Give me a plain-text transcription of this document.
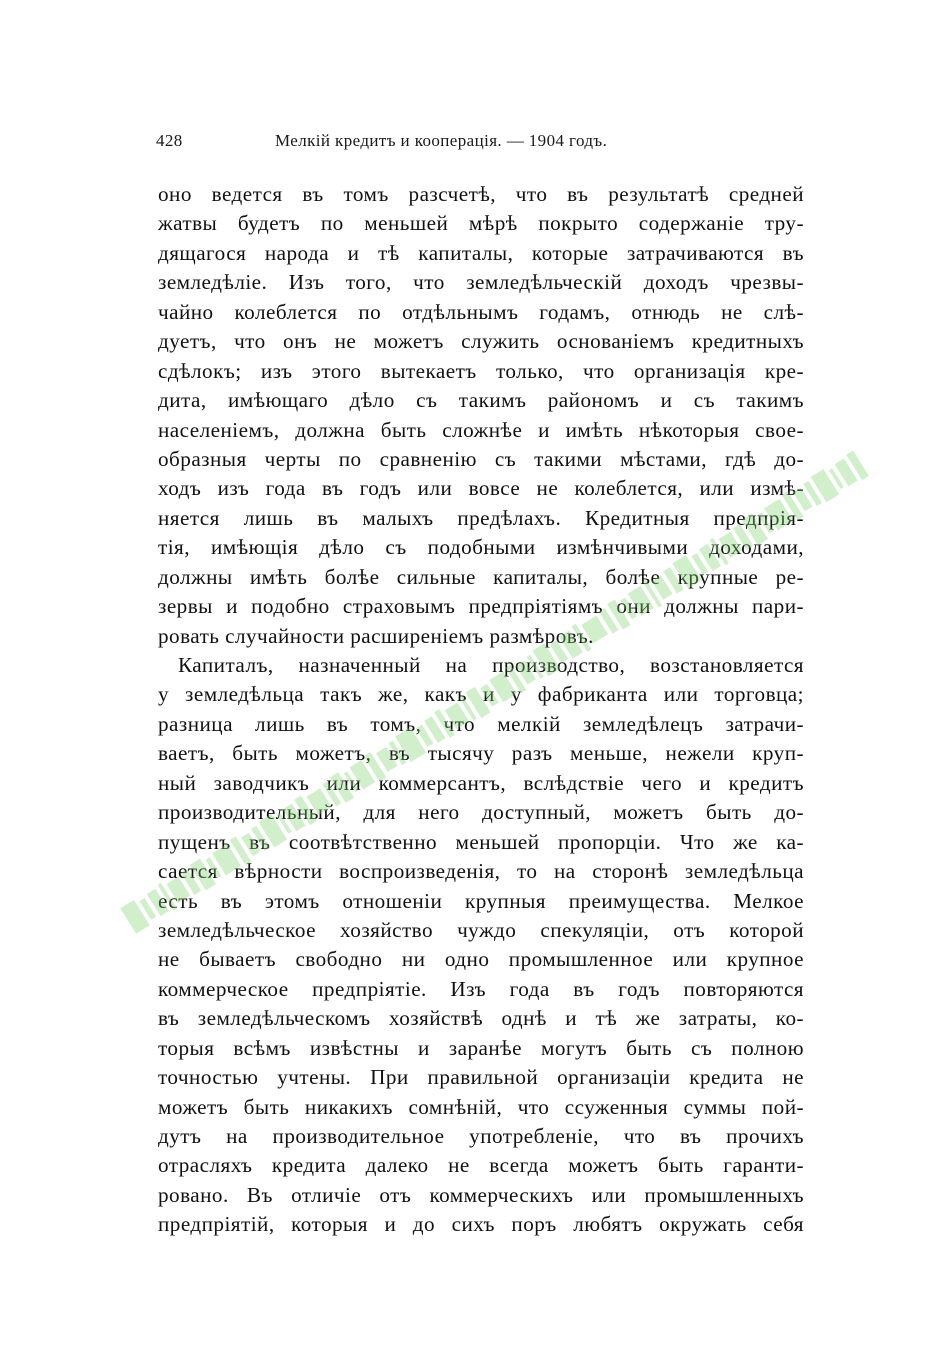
428	Мелкій кредитъ и кооперація. — 1904 годъ.
оно ведется въ томъ разсчетѣ, что въ результатѣ средней
жатвы будетъ по меньшей мѣрѣ покрыто содержаніе тру-
дящагося народа и тѣ капиталы, которые затрачиваются въ
земледѣліе. Изъ того, что земледѣльческій доходъ чрезвы-
чайно колеблется по отдѣльнымъ годамъ, отнюдь не слѣ-
дуетъ, что онъ не можетъ служить основаніемъ кредитныхъ
сдѣлокъ; изъ этого вытекаетъ только, что организація кре-
дита, имѣющаго дѣло съ такимъ райономъ и съ такимъ
населеніемъ, должна быть сложнѣе и имѣть нѣкоторыя свое-
образныя черты по сравненію съ такими мѣстами, гдѣ до-
ходъ изъ года въ годъ или вовсе не колеблется, или измѣ-
няется лишь въ малыхъ предѣлахъ. Кредитныя предпрія-
тія, имѣющія дѣло съ подобными измѣнчивыми доходами,
должны имѣть болѣе сильные капиталы, болѣе крупные ре-
зервы и подобно страховымъ предпріятіямъ они должны пари-
ровать случайности расширеніемъ размѣровъ.
Капиталъ, назначенный на производство, возстановляется
у земледѣльца такъ же, какъ и у фабриканта или торговца;
разница лишь въ томъ, что мелкій земледѣлецъ затрачи-
ваетъ, быть можетъ, въ тысячу разъ меньше, нежели круп-
ный заводчикъ или коммерсантъ, вслѣдствіе чего и кредитъ
производительный, для него доступный, можетъ быть до-
пущенъ въ соотвѣтственно меньшей пропорціи. Что же ка-
сается вѣрности воспроизведенія, то на сторонѣ земледѣльца
есть въ этомъ отношеніи крупныя преимущества. Мелкое
земледѣльческое хозяйство чуждо спекуляціи, отъ которой
не бываетъ свободно ни одно промышленное или крупное
коммерческое предпріятіе. Изъ года въ годъ повторяются
въ земледѣльческомъ хозяйствѣ однѣ и тѣ же затраты, ко-
торыя всѣмъ извѣстны и заранѣе могутъ быть съ полною
точностью учтены. При правильной организаціи кредита не
можетъ быть никакихъ сомнѣній, что ссуженныя суммы пой-
дутъ на производительное употребленіе, что въ прочихъ
отрасляхъ кредита далеко не всегда можетъ быть гаранти-
ровано. Въ отличіе отъ коммерческихъ или промышленныхъ
предпріятій, которыя и до сихъ поръ любятъ окружать себя
